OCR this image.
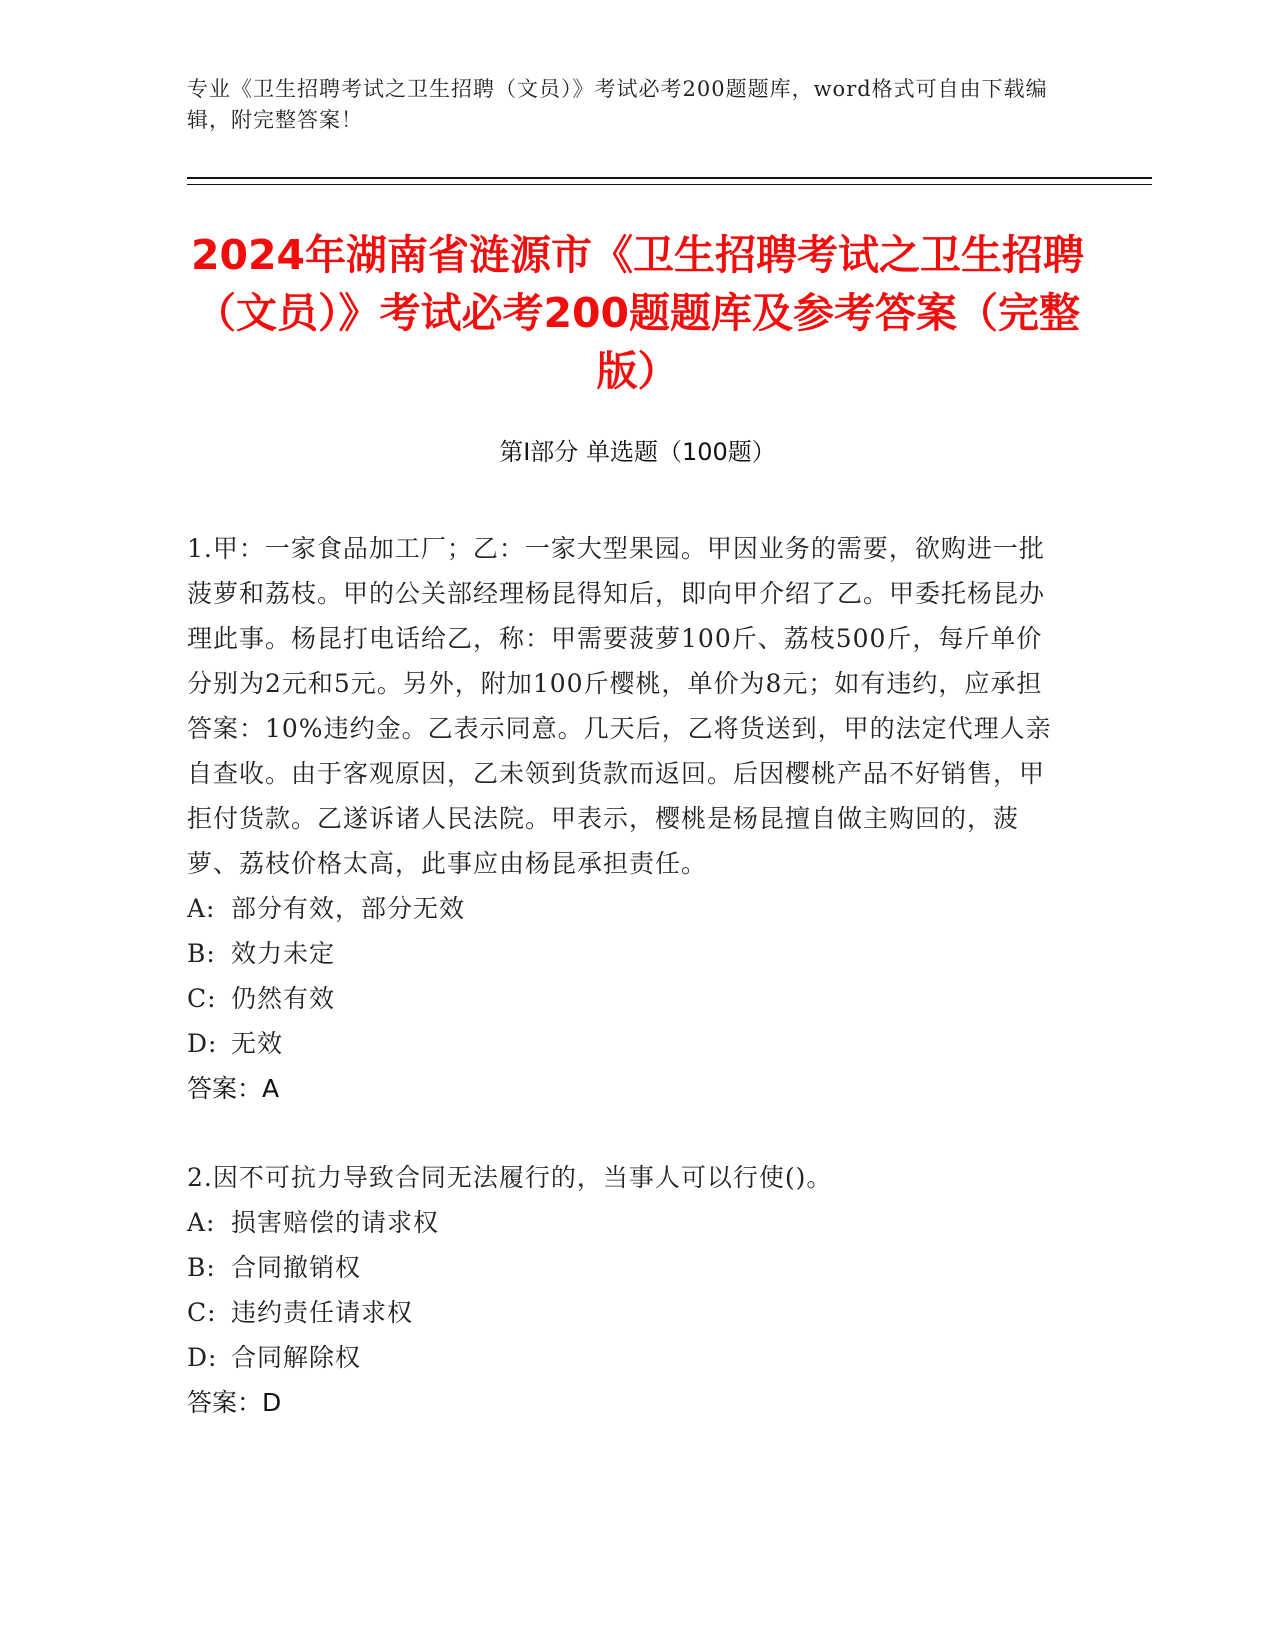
专业《卫生招聘考试之卫生招聘（文员）》考试必考200题题库，word格式可自由下载编辑，附完整答案！
2024年湖南省涟源市《卫生招聘考试之卫生招聘（文员）》考试必考200题题库及参考答案（完整版）
第Ⅰ部分 单选题（100题）

1.甲：一家食品加工厂；乙：一家大型果园。甲因业务的需要，欲购进一批菠萝和荔枝。甲的公关部经理杨昆得知后，即向甲介绍了乙。甲委托杨昆办理此事。杨昆打电话给乙，称：甲需要菠萝100斤、荔枝500斤，每斤单价分别为2元和5元。另外，附加100斤樱桃，单价为8元；如有违约，应承担答案：10%违约金。乙表示同意。几天后，乙将货送到，甲的法定代理人亲自查收。由于客观原因，乙未领到货款而返回。后因樱桃产品不好销售，甲拒付货款。乙遂诉诸人民法院。甲表示，樱桃是杨昆擅自做主购回的，菠萝、荔枝价格太高，此事应由杨昆承担责任。

A: 部分有效，部分无效

B: 效力未定

C: 仍然有效

D: 无效

答案：A

2.因不可抗力导致合同无法履行的，当事人可以行使()。

A: 损害赔偿的请求权

B: 合同撤销权

C: 违约责任请求权

D: 合同解除权

答案：D
